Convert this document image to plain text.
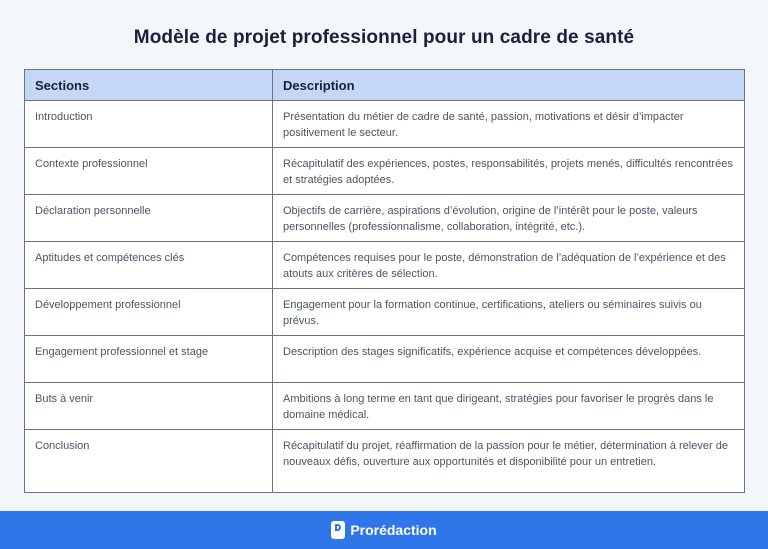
Modèle de projet professionnel pour un cadre de santé
Sections	Description
Introduction	Présentation du métier de cadre de santé, passion, motivations et désir d’impacter positivement le secteur.
Contexte professionnel	Récapitulatif des expériences, postes, responsabilités, projets menés, difficultés rencontrées et stratégies adoptées.
Déclaration personnelle	Objectifs de carrière, aspirations d’évolution, origine de l’intérêt pour le poste, valeurs personnelles (professionnalisme, collaboration, intégrité, etc.).
Aptitudes et compétences clés	Compétences requises pour le poste, démonstration de l’adéquation de l’expérience et des atouts aux critères de sélection.
Développement professionnel	Engagement pour la formation continue, certifications, ateliers ou séminaires suivis ou prévus.
Engagement professionnel et stage	Description des stages significatifs, expérience acquise et compétences développées.
Buts à venir	Ambitions à long terme en tant que dirigeant, stratégies pour favoriser le progrès dans le domaine médical.
Conclusion	Récapitulatif du projet, réaffirmation de la passion pour le métier, détermination à relever de nouveaux défis, ouverture aux opportunités et disponibilité pour un entretien.
Prorédaction
